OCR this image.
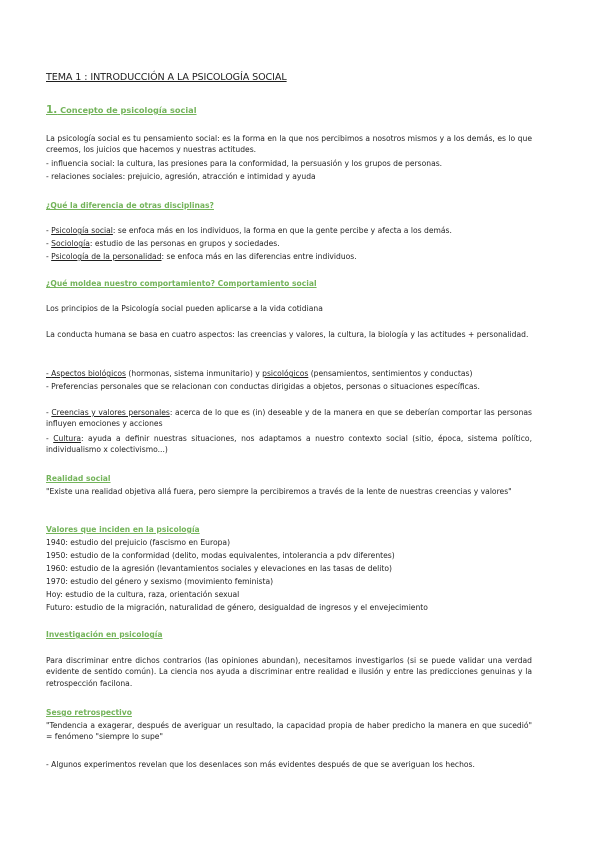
TEMA 1 : INTRODUCCIÓN A LA PSICOLOGÍA SOCIAL

1. Concepto de psicología social

La psicología social es tu pensamiento social: es la forma en la que nos percibimos a nosotros mismos y a los demás, es lo que creemos, los juicios que hacemos y nuestras actitudes.

- influencia social: la cultura, las presiones para la conformidad, la persuasión y los grupos de personas.

- relaciones sociales: prejuicio, agresión, atracción e intimidad y ayuda

¿Qué la diferencia de otras disciplinas?

- Psicología social: se enfoca más en los individuos, la forma en que la gente percibe y afecta a los demás.

- Sociología: estudio de las personas en grupos y sociedades.

- Psicología de la personalidad: se enfoca más en las diferencias entre individuos.

¿Qué moldea nuestro comportamiento? Comportamiento social

Los principios de la Psicología social pueden aplicarse a la vida cotidiana

La conducta humana se basa en cuatro aspectos: las creencias y valores, la cultura, la biología y las actitudes + personalidad.

- Aspectos biológicos (hormonas, sistema inmunitario) y psicológicos (pensamientos, sentimientos y conductas)

- Preferencias personales que se relacionan con conductas dirigidas a objetos, personas o situaciones específicas.

- Creencias y valores personales: acerca de lo que es (in) deseable y de la manera en que se deberían comportar las personas influyen emociones y acciones

- Cultura: ayuda a definir nuestras situaciones, nos adaptamos a nuestro contexto social (sitio, época, sistema político, individualismo x colectivismo...)

Realidad social

"Existe una realidad objetiva allá fuera, pero siempre la percibiremos a través de la lente de nuestras creencias y valores"

Valores que inciden en la psicología

1940: estudio del prejuicio (fascismo en Europa)

1950: estudio de la conformidad (delito, modas equivalentes, intolerancia a pdv diferentes)

1960: estudio de la agresión (levantamientos sociales y elevaciones en las tasas de delito)

1970: estudio del género y sexismo (movimiento feminista)

Hoy: estudio de la cultura, raza, orientación sexual

Futuro: estudio de la migración, naturalidad de género, desigualdad de ingresos y el envejecimiento

Investigación en psicología

Para discriminar entre dichos contrarios (las opiniones abundan), necesitamos investigarlos (si se puede validar una verdad evidente de sentido común). La ciencia nos ayuda a discriminar entre realidad e ilusión y entre las predicciones genuinas y la retrospección facilona.

Sesgo retrospectivo

"Tendencia a exagerar, después de averiguar un resultado, la capacidad propia de haber predicho la manera en que sucedió" = fenómeno "siempre lo supe"

- Algunos experimentos revelan que los desenlaces son más evidentes después de que se averiguan los hechos.
